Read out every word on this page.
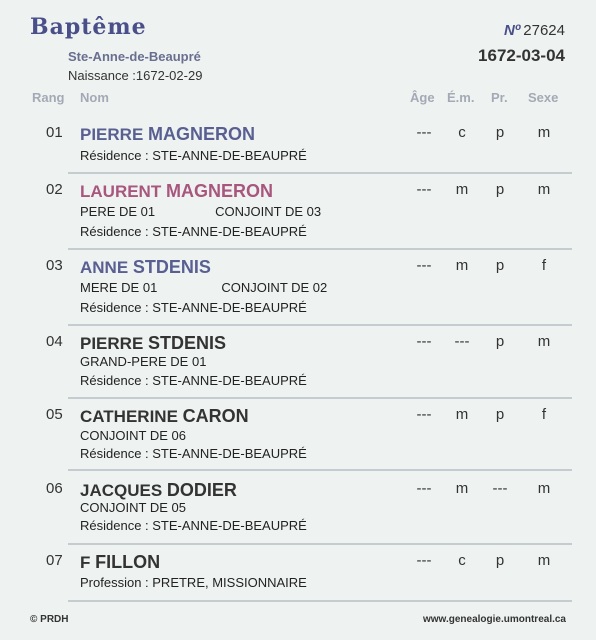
Baptême
Ste-Anne-de-Beaupré
Naissance :1672-02-29
Nº 27624
1672-03-04
Rang Nom	Âge É.m. Pr. Sexe
01 PIERRE MAGNERON
Résidence : STE-ANNE-DE-BEAUPRÉ
---	c	p	m
02 LAURENT MAGNERON
PERE DE 01	CONJOINT DE 03
Résidence : STE-ANNE-DE-BEAUPRÉ
---	m	p	m
03 ANNE STDENIS
MERE DE 01	CONJOINT DE 02
Résidence : STE-ANNE-DE-BEAUPRÉ
---	m	p	f
04 PIERRE STDENIS
GRAND-PERE DE 01
Résidence : STE-ANNE-DE-BEAUPRÉ
---	---	p	m
05 CATHERINE CARON
CONJOINT DE 06
Résidence : STE-ANNE-DE-BEAUPRÉ
---	m	p	f
06 JACQUES DODIER
CONJOINT DE 05
Résidence : STE-ANNE-DE-BEAUPRÉ
---	m	---	m
07 F FILLON
Profession : PRETRE, MISSIONNAIRE
---	c	p	m
© PRDH	www.genealogie.umontreal.ca
